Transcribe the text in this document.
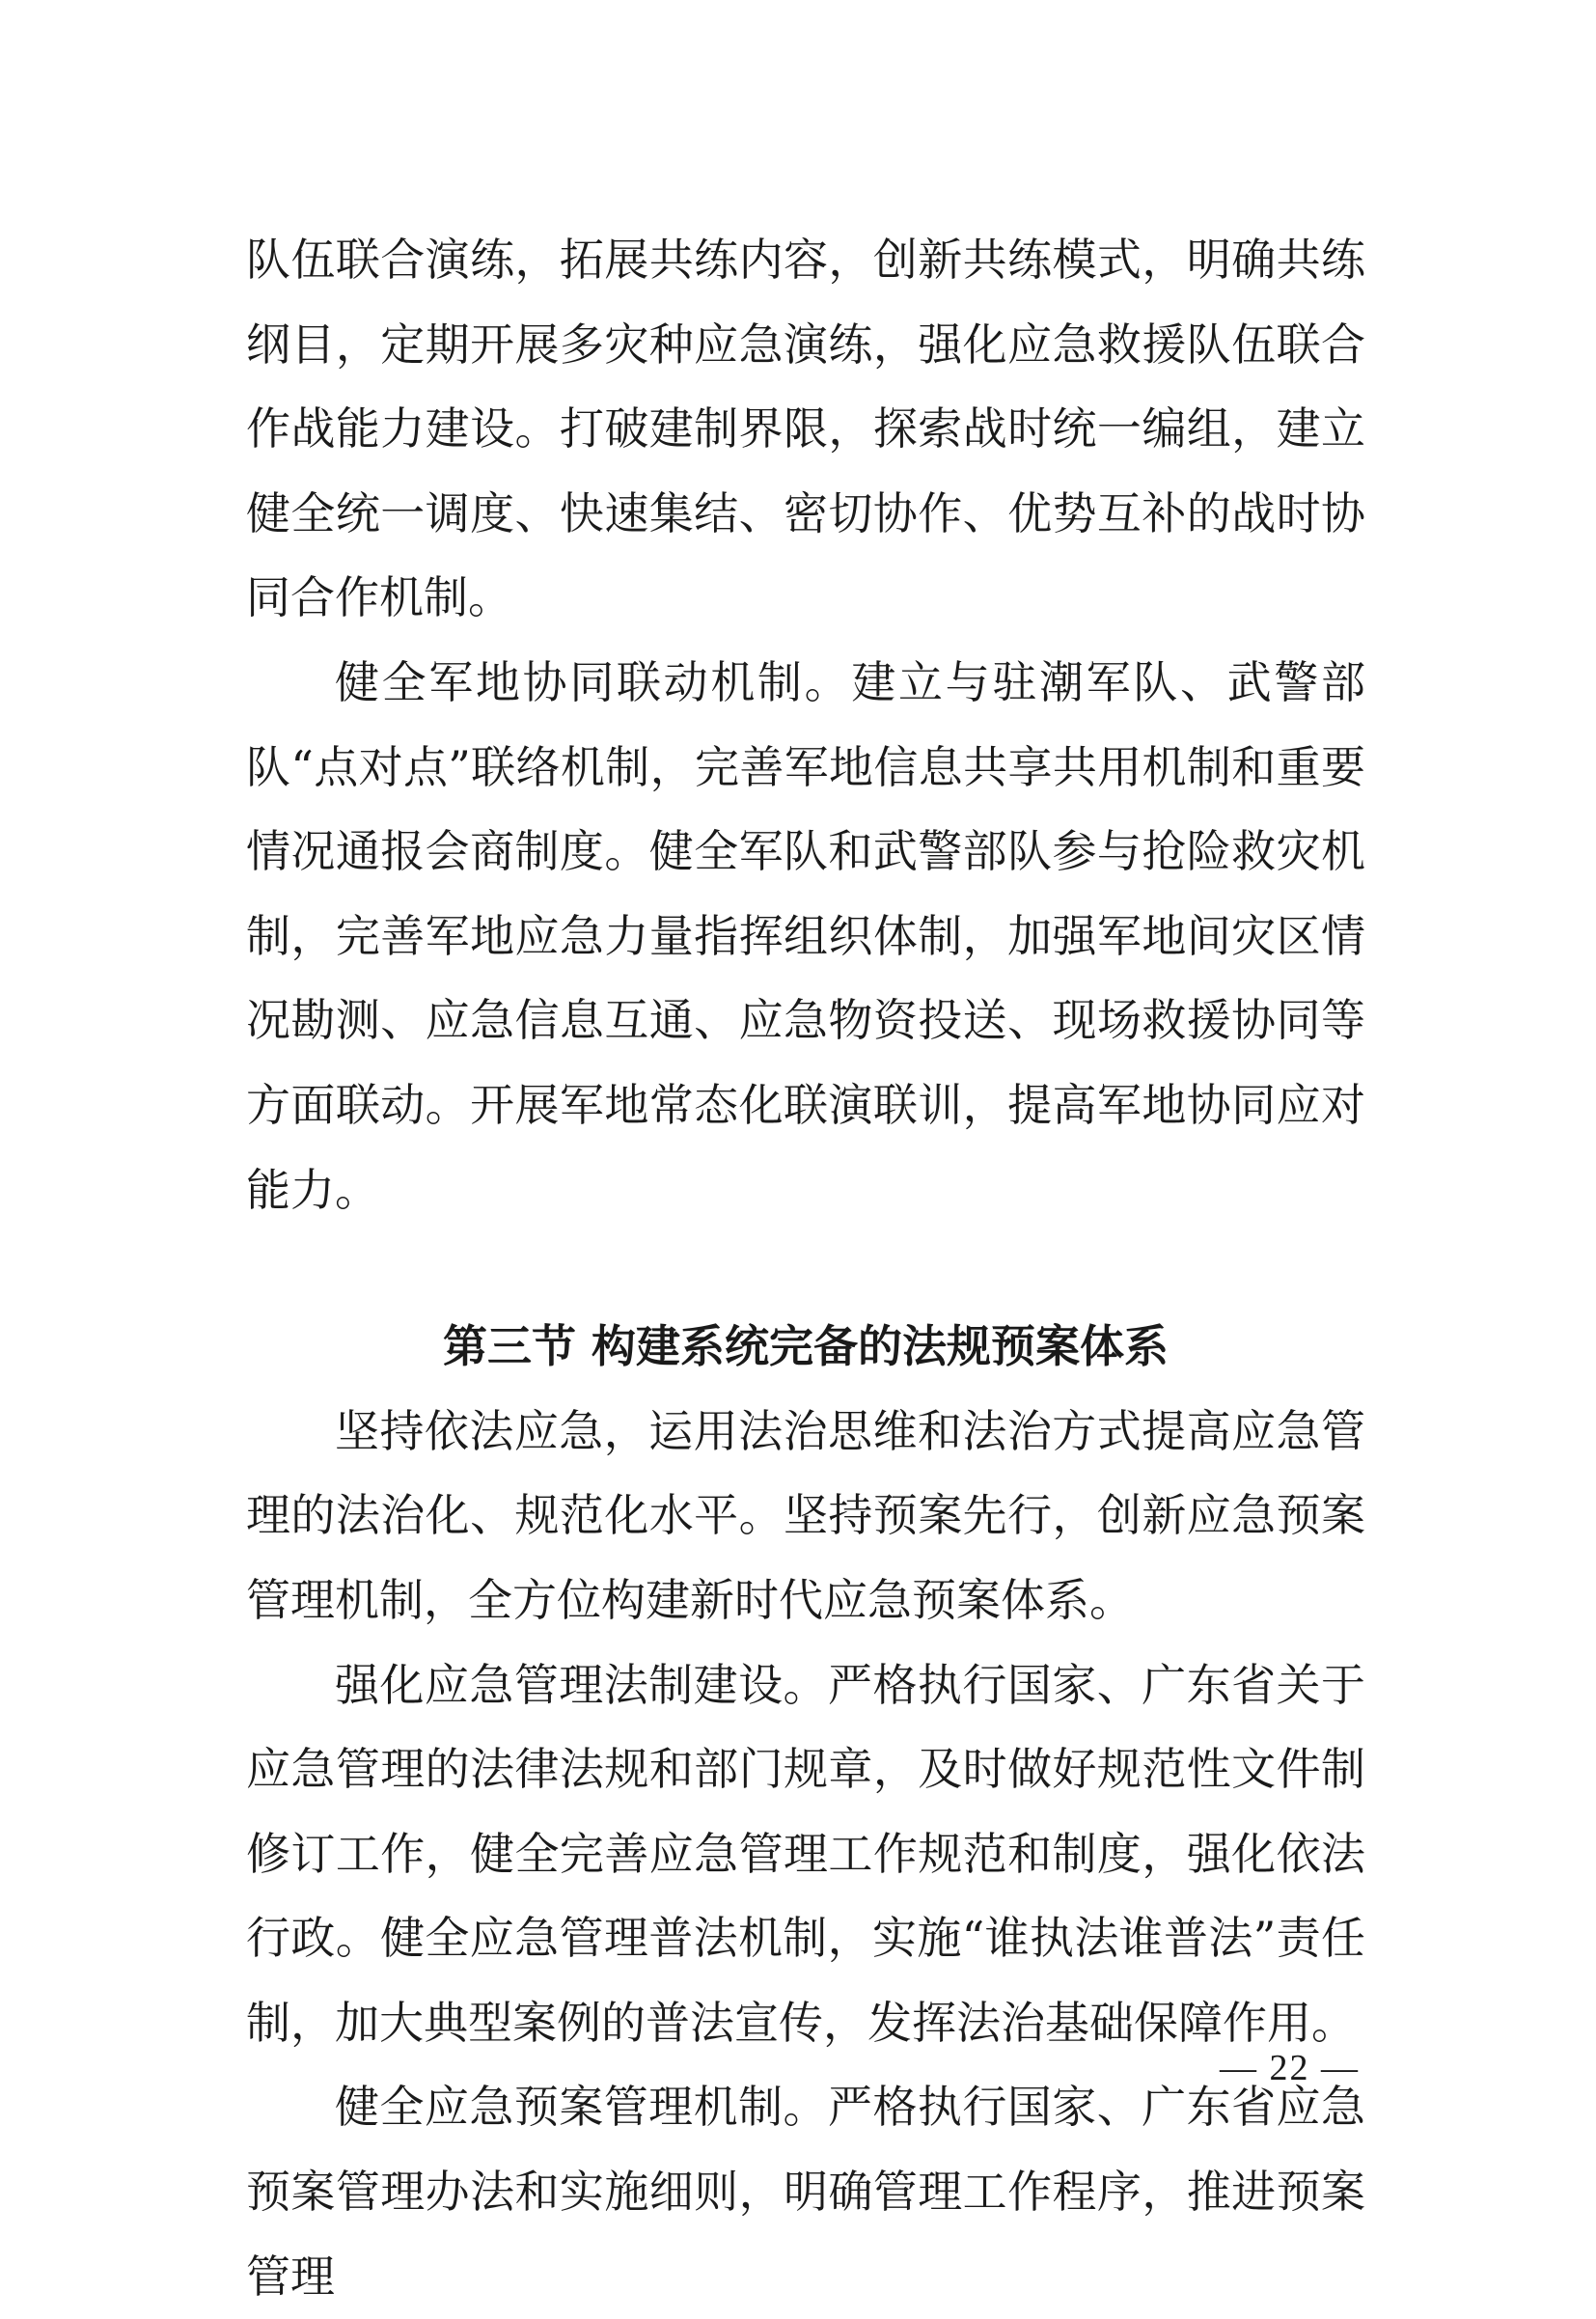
队伍联合演练，拓展共练内容，创新共练模式，明确共练纲目，定期开展多灾种应急演练，强化应急救援队伍联合作战能力建设。打破建制界限，探索战时统一编组，建立健全统一调度、快速集结、密切协作、优势互补的战时协同合作机制。

健全军地协同联动机制。建立与驻潮军队、武警部队“点对点”联络机制，完善军地信息共享共用机制和重要情况通报会商制度。健全军队和武警部队参与抢险救灾机制，完善军地应急力量指挥组织体制，加强军地间灾区情况勘测、应急信息互通、应急物资投送、现场救援协同等方面联动。开展军地常态化联演联训，提高军地协同应对能力。

第三节 构建系统完备的法规预案体系

坚持依法应急，运用法治思维和法治方式提高应急管理的法治化、规范化水平。坚持预案先行，创新应急预案管理机制，全方位构建新时代应急预案体系。

强化应急管理法制建设。严格执行国家、广东省关于应急管理的法律法规和部门规章，及时做好规范性文件制修订工作，健全完善应急管理工作规范和制度，强化依法行政。健全应急管理普法机制，实施“谁执法谁普法”责任制，加大典型案例的普法宣传，发挥法治基础保障作用。

健全应急预案管理机制。严格执行国家、广东省应急预案管理办法和实施细则，明确管理工作程序，推进预案管理

— 22 —
